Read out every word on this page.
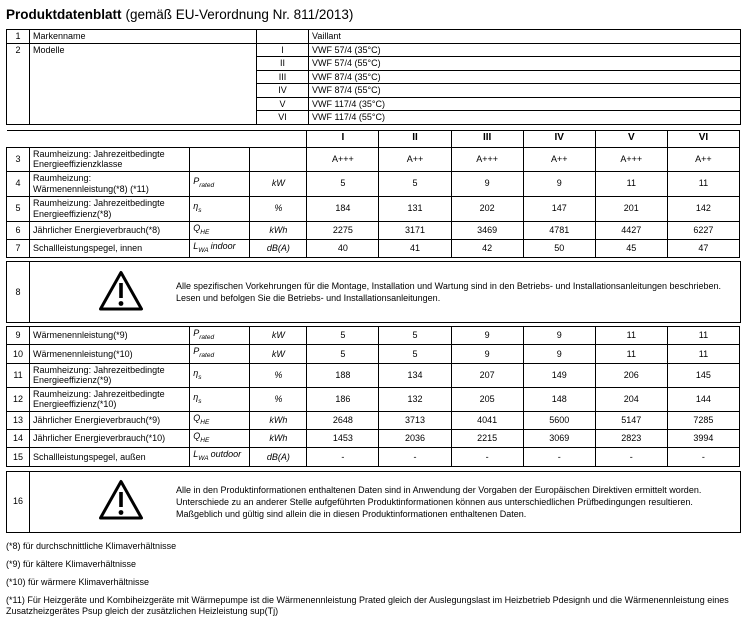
Produktdatenblatt (gemäß EU-Verordnung Nr. 811/2013)
1	Markenname		Vaillant
2	Modelle	I	VWF 57/4 (35°C)
		II	VWF 57/4 (55°C)
		III	VWF 87/4 (35°C)
		IV	VWF 87/4 (55°C)
		V	VWF 117/4 (35°C)
		VI	VWF 117/4 (55°C)
				I	II	III	IV	V	VI
3	Raumheizung: Jahrezeitbedingte Energieeffizienzklasse			A+++	A++	A+++	A++	A+++	A++
4	Raumheizung: Wärmenennleistung(*8) (*11)	$P_{rated}$	kW	5	5	9	9	11	11
5	Raumheizung: Jahrezeitbedingte Energieeffizienz(*8)	$\eta_s$	%	184	131	202	147	201	142
6	Jährlicher Energieverbrauch(*8)	$Q_{HE}$	kWh	2275	3171	3469	4781	4427	6227
7	Schallleistungspegel, innen	$L_{WA}$ indoor	dB(A)	40	41	42	50	45	47
8	
Alle spezifischen Vorkehrungen für die Montage, Installation und Wartung sind in den Betriebs- und Installationsanleitungen beschrieben. Lesen und befolgen Sie die Betriebs- und Installationsanleitungen.
9	Wärmenennleistung(*9)	$P_{rated}$	kW	5	5	9	9	11	11
10	Wärmenennleistung(*10)	$P_{rated}$	kW	5	5	9	9	11	11
11	Raumheizung: Jahrezeitbedingte Energieeffizienz(*9)	$\eta_s$	%	188	134	207	149	206	145
12	Raumheizung: Jahrezeitbedingte Energieeffizienz(*10)	$\eta_s$	%	186	132	205	148	204	144
13	Jährlicher Energieverbrauch(*9)	$Q_{HE}$	kWh	2648	3713	4041	5600	5147	7285
14	Jährlicher Energieverbrauch(*10)	$Q_{HE}$	kWh	1453	2036	2215	3069	2823	3994
15	Schallleistungspegel, außen	$L_{WA}$ outdoor	dB(A)	-	-	-	-	-	-
16	
Alle in den Produktinformationen enthaltenen Daten sind in Anwendung der Vorgaben der Europäischen Direktiven ermittelt worden. Unterschiede zu an anderer Stelle aufgeführten Produktinformationen können aus unterschiedlichen Prüfbedingungen resultieren. Maßgeblich und gültig sind allein die in diesen Produktinformationen enthaltenen Daten.
(*8) für durchschnittliche Klimaverhältnisse
(*9) für kältere Klimaverhältnisse
(*10) für wärmere Klimaverhältnisse
(*11) Für Heizgeräte und Kombiheizgeräte mit Wärmepumpe ist die Wärmenennleistung Prated gleich der Auslegungslast im Heizbetrieb Pdesignh und die Wärmenennleistung eines Zusatzheizgerätes Psup gleich der zusätzlichen Heizleistung sup(Tj)
